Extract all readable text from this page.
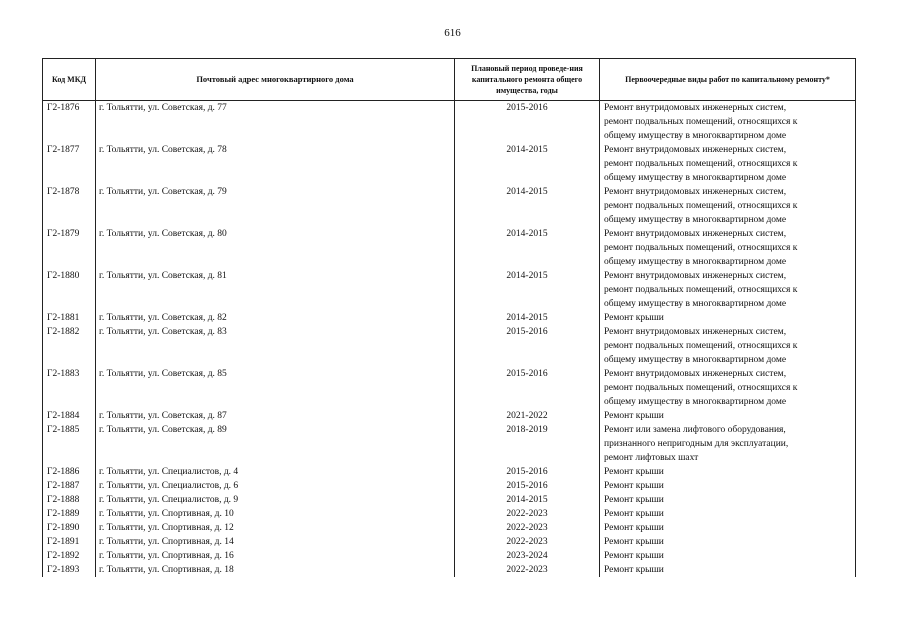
616
Код МКД	Почтовый адрес многоквартирного дома	Плановый период проведе-ния капитального ремонта общего имущества, годы	Первоочередные виды работ по капитальному ремонту*
Г2-1876	г. Тольятти, ул. Советская, д. 77	2015-2016	Ремонт внутридомовых инженерных систем,
ремонт подвальных помещений, относящихся к
общему имуществу в многоквартирном доме

Г2-1877	г. Тольятти, ул. Советская, д. 78	2014-2015	Ремонт внутридомовых инженерных систем,
ремонт подвальных помещений, относящихся к
общему имуществу в многоквартирном доме

Г2-1878	г. Тольятти, ул. Советская, д. 79	2014-2015	Ремонт внутридомовых инженерных систем,
ремонт подвальных помещений, относящихся к
общему имуществу в многоквартирном доме

Г2-1879	г. Тольятти, ул. Советская, д. 80	2014-2015	Ремонт внутридомовых инженерных систем,
ремонт подвальных помещений, относящихся к
общему имуществу в многоквартирном доме

Г2-1880	г. Тольятти, ул. Советская, д. 81	2014-2015	Ремонт внутридомовых инженерных систем,
ремонт подвальных помещений, относящихся к
общему имуществу в многоквартирном доме

Г2-1881	г. Тольятти, ул. Советская, д. 82	2014-2015	Ремонт крыши

Г2-1882	г. Тольятти, ул. Советская, д. 83	2015-2016	Ремонт внутридомовых инженерных систем,
ремонт подвальных помещений, относящихся к
общему имуществу в многоквартирном доме

Г2-1883	г. Тольятти, ул. Советская, д. 85	2015-2016	Ремонт внутридомовых инженерных систем,
ремонт подвальных помещений, относящихся к
общему имуществу в многоквартирном доме

Г2-1884	г. Тольятти, ул. Советская, д. 87	2021-2022	Ремонт крыши

Г2-1885	г. Тольятти, ул. Советская, д. 89	2018-2019	Ремонт или замена лифтового оборудования,
признанного непригодным для эксплуатации,
ремонт лифтовых шахт

Г2-1886	г. Тольятти, ул. Специалистов, д. 4	2015-2016	Ремонт крыши

Г2-1887	г. Тольятти, ул. Специалистов, д. 6	2015-2016	Ремонт крыши

Г2-1888	г. Тольятти, ул. Специалистов, д. 9	2014-2015	Ремонт крыши

Г2-1889	г. Тольятти, ул. Спортивная, д. 10	2022-2023	Ремонт крыши

Г2-1890	г. Тольятти, ул. Спортивная, д. 12	2022-2023	Ремонт крыши

Г2-1891	г. Тольятти, ул. Спортивная, д. 14	2022-2023	Ремонт крыши

Г2-1892	г. Тольятти, ул. Спортивная, д. 16	2023-2024	Ремонт крыши

Г2-1893	г. Тольятти, ул. Спортивная, д. 18	2022-2023	Ремонт крыши
